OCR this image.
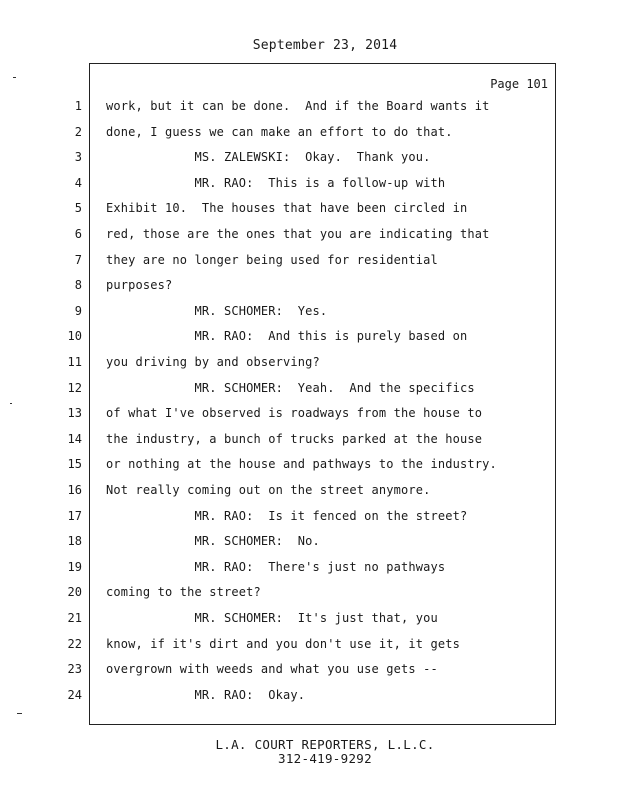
September 23, 2014
Page 101
1 work, but it can be done.  And if the Board wants it
2 done, I guess we can make an effort to do that.
3 MS. ZALEWSKI:  Okay.  Thank you.
4 MR. RAO:  This is a follow-up with
5 Exhibit 10.  The houses that have been circled in
6 red, those are the ones that you are indicating that
7 they are no longer being used for residential
8 purposes?
9 MR. SCHOMER:  Yes.
10 MR. RAO:  And this is purely based on
11 you driving by and observing?
12 MR. SCHOMER:  Yeah.  And the specifics
13 of what I've observed is roadways from the house to
14 the industry, a bunch of trucks parked at the house
15 or nothing at the house and pathways to the industry.
16 Not really coming out on the street anymore.
17 MR. RAO:  Is it fenced on the street?
18 MR. SCHOMER:  No.
19 MR. RAO:  There's just no pathways
20 coming to the street?
21 MR. SCHOMER:  It's just that, you
22 know, if it's dirt and you don't use it, it gets
23 overgrown with weeds and what you use gets --
24 MR. RAO:  Okay.
L.A. COURT REPORTERS, L.L.C.
312-419-9292
